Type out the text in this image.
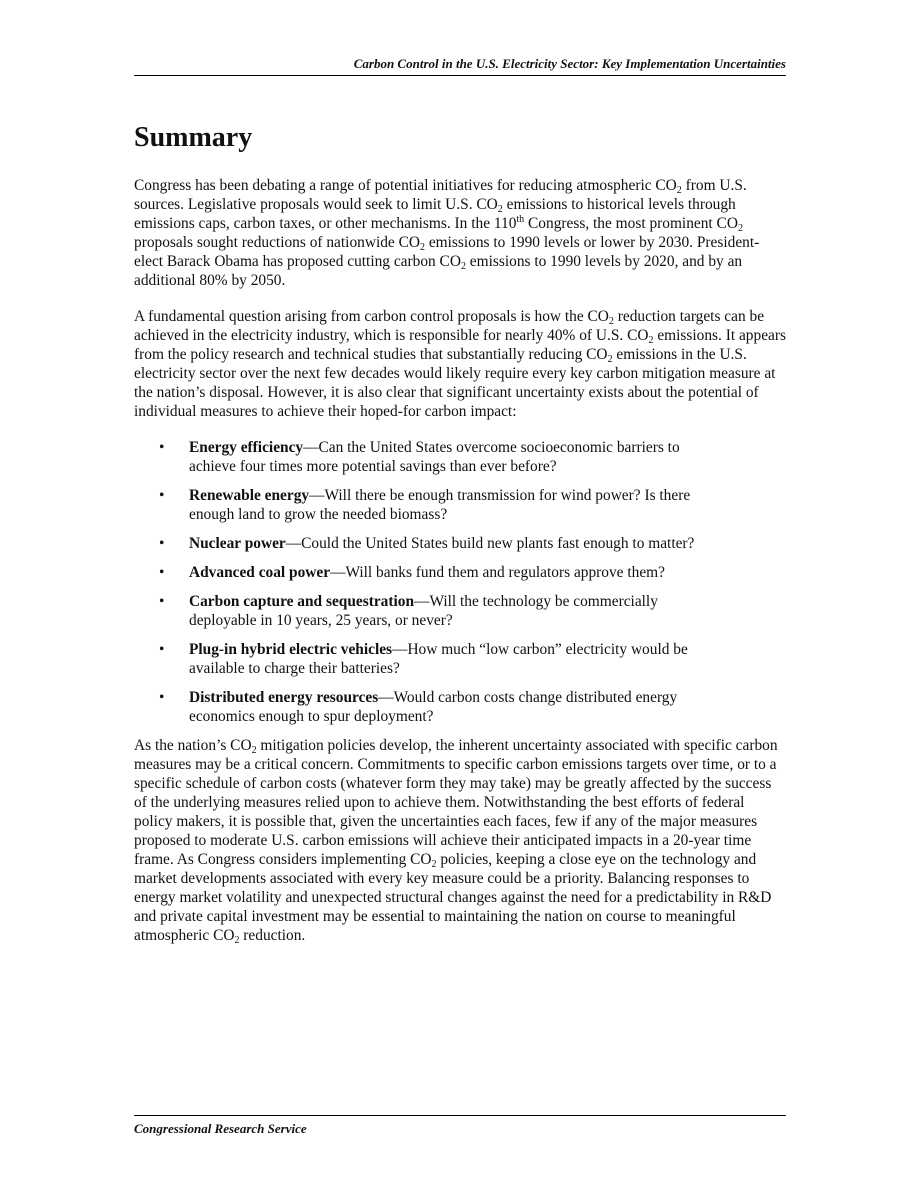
Carbon Control in the U.S. Electricity Sector: Key Implementation Uncertainties
Summary

Congress has been debating a range of potential initiatives for reducing atmospheric $CO_2$ from U.S. sources. Legislative proposals would seek to limit U.S. $CO_2$ emissions to historical levels through emissions caps, carbon taxes, or other mechanisms. In the 110th Congress, the most prominent $CO_2$ proposals sought reductions of nationwide $CO_2$ emissions to 1990 levels or lower by 2030. President-elect Barack Obama has proposed cutting carbon $CO_2$ emissions to 1990 levels by 2020, and by an additional 80% by 2050.

A fundamental question arising from carbon control proposals is how the $CO_2$ reduction targets can be achieved in the electricity industry, which is responsible for nearly 40% of U.S. $CO_2$ emissions. It appears from the policy research and technical studies that substantially reducing $CO_2$ emissions in the U.S. electricity sector over the next few decades would likely require every key carbon mitigation measure at the nation’s disposal. However, it is also clear that significant uncertainty exists about the potential of individual measures to achieve their hoped-for carbon impact:

• Energy efficiency—Can the United States overcome socioeconomic barriers to achieve four times more potential savings than ever before?
• Renewable energy—Will there be enough transmission for wind power? Is there enough land to grow the needed biomass?
• Nuclear power—Could the United States build new plants fast enough to matter?
• Advanced coal power—Will banks fund them and regulators approve them?
• Carbon capture and sequestration—Will the technology be commercially deployable in 10 years, 25 years, or never?
• Plug-in hybrid electric vehicles—How much “low carbon” electricity would be available to charge their batteries?
• Distributed energy resources—Would carbon costs change distributed energy economics enough to spur deployment?

As the nation’s $CO_2$ mitigation policies develop, the inherent uncertainty associated with specific carbon measures may be a critical concern. Commitments to specific carbon emissions targets over time, or to a specific schedule of carbon costs (whatever form they may take) may be greatly affected by the success of the underlying measures relied upon to achieve them. Notwithstanding the best efforts of federal policy makers, it is possible that, given the uncertainties each faces, few if any of the major measures proposed to moderate U.S. carbon emissions will achieve their anticipated impacts in a 20-year time frame. As Congress considers implementing $CO_2$ policies, keeping a close eye on the technology and market developments associated with every key measure could be a priority. Balancing responses to energy market volatility and unexpected structural changes against the need for a predictability in R&D and private capital investment may be essential to maintaining the nation on course to meaningful atmospheric $CO_2$ reduction.

Congressional Research Service
